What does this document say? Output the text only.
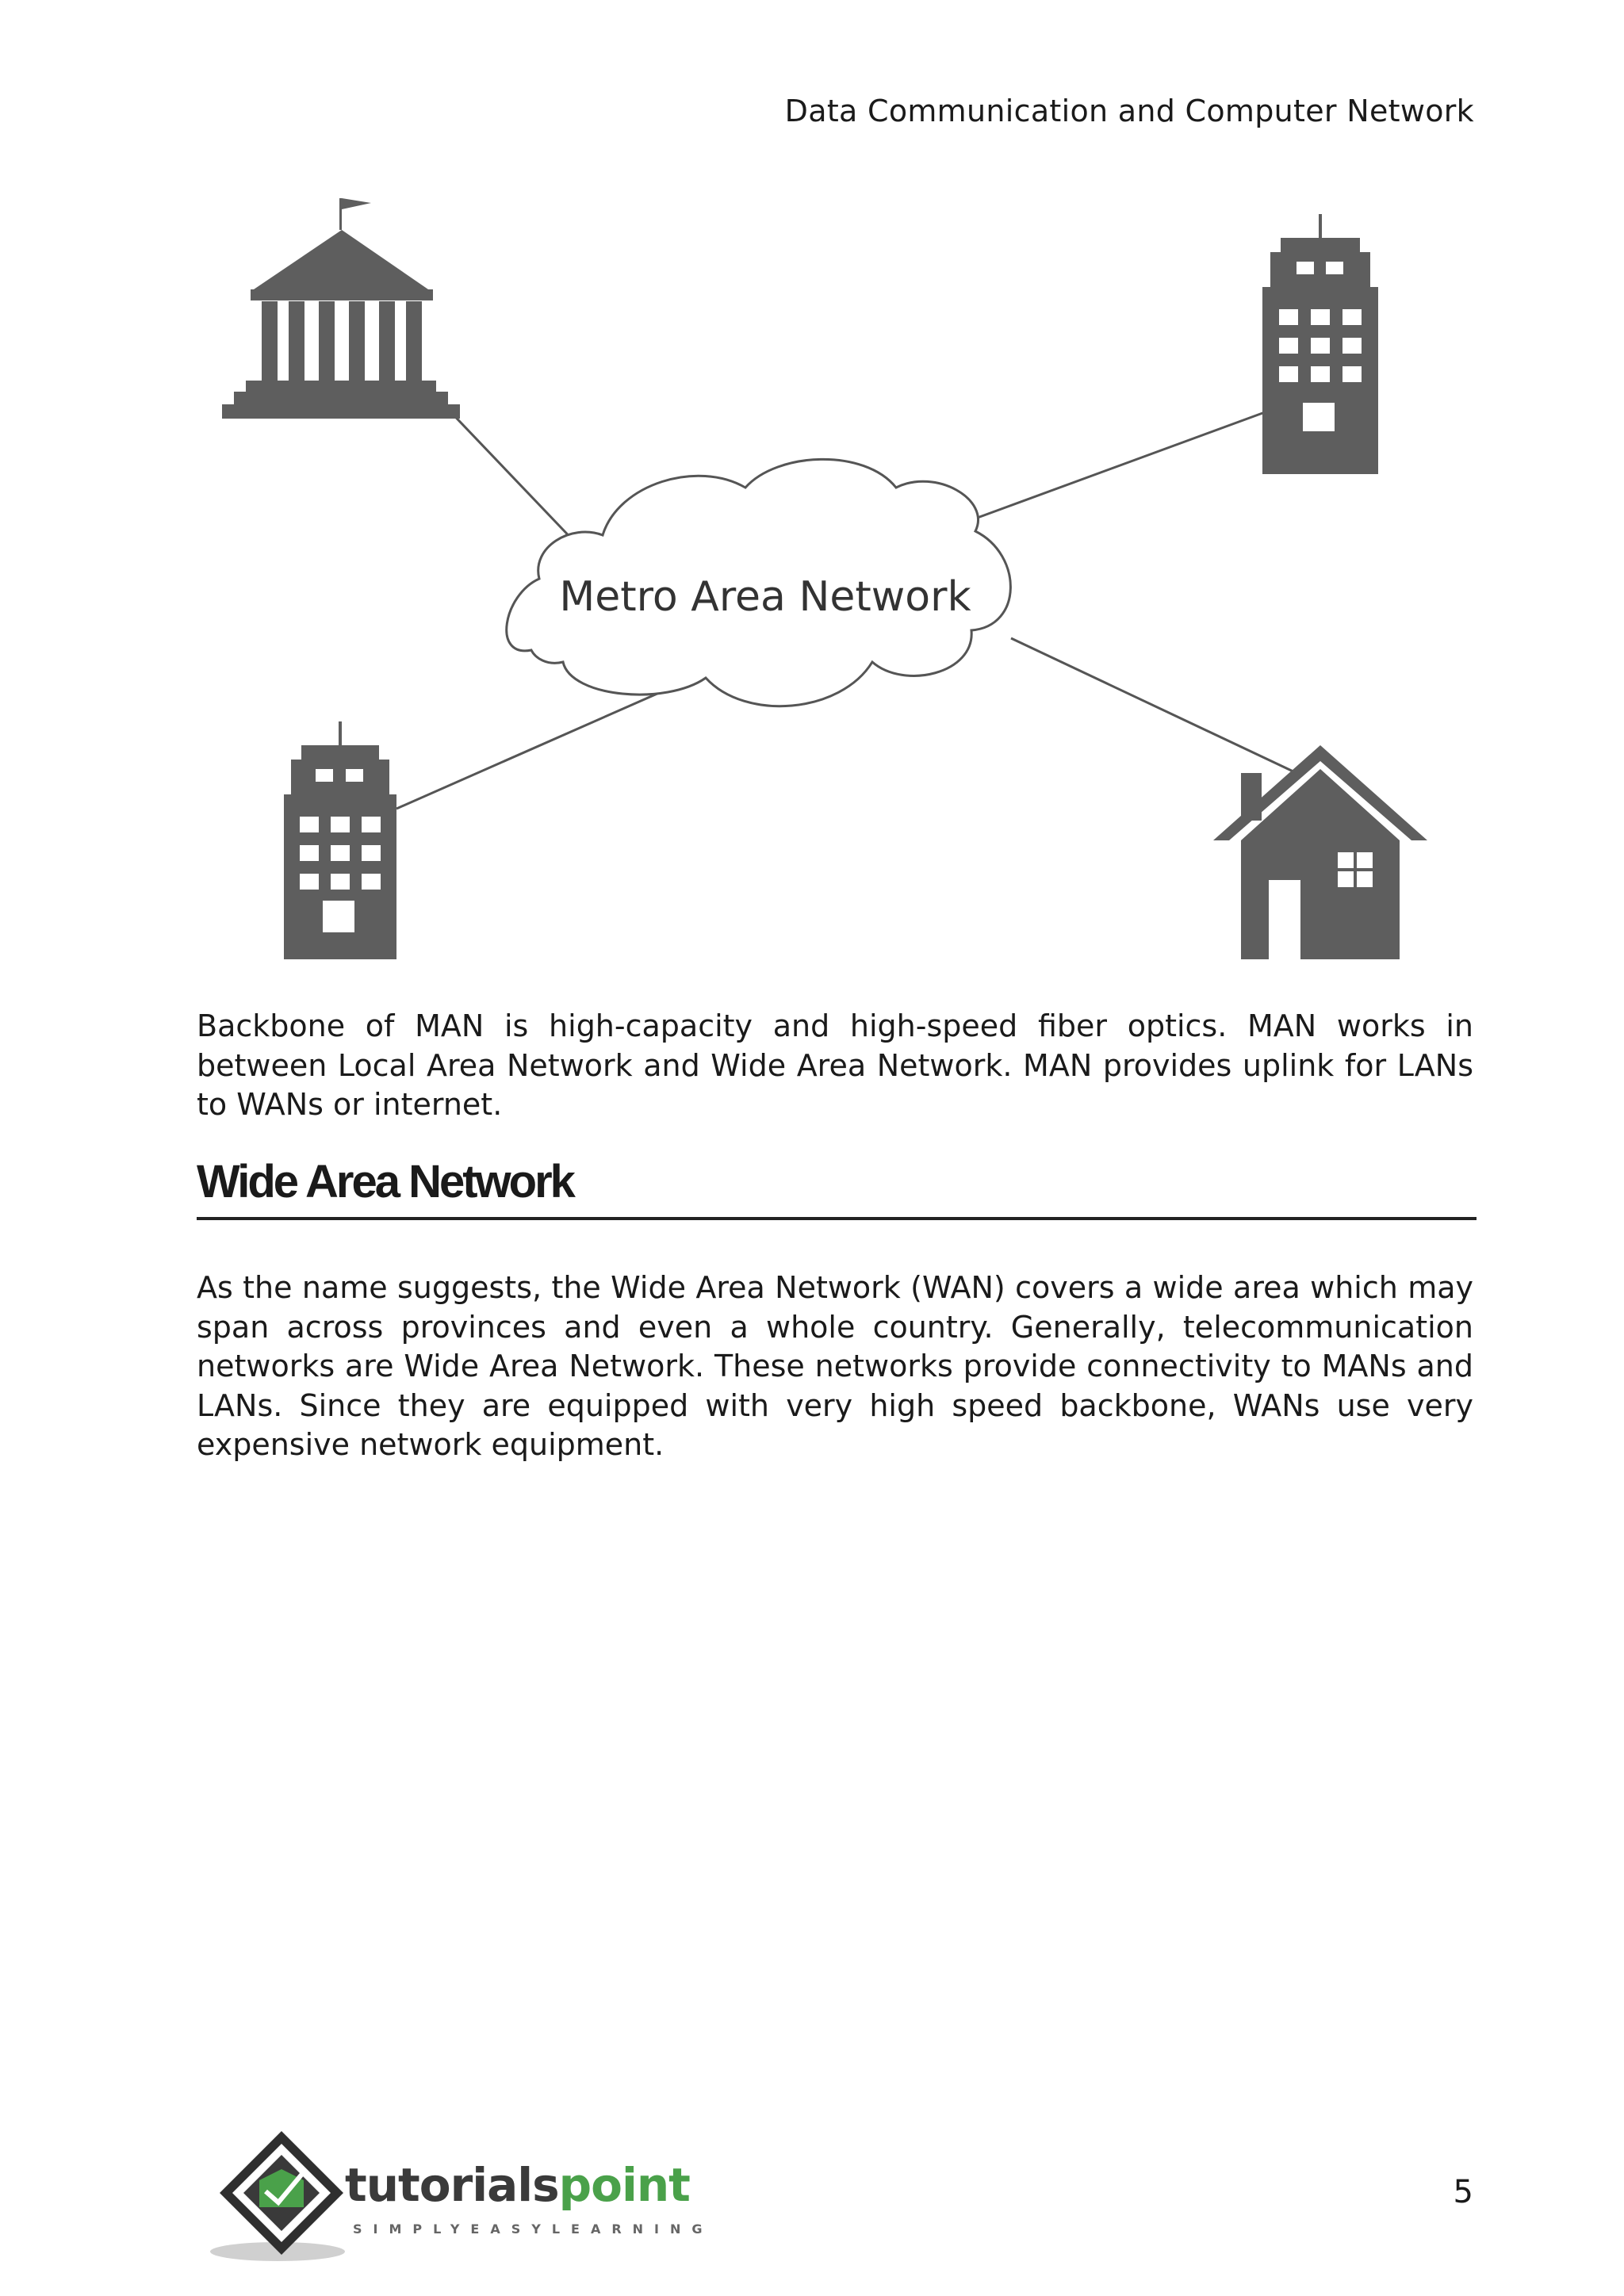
Data Communication and Computer Network
Metro Area Network

Backbone of MAN is high-capacity and high-speed fiber optics. MAN works in between Local Area Network and Wide Area Network. MAN provides uplink for LANs to WANs or internet.

Wide Area Network

As the name suggests, the Wide Area Network (WAN) covers a wide area which may span across provinces and even a whole country. Generally, telecommunication networks are Wide Area Network. These networks provide connectivity to MANs and LANs. Since they are equipped with very high speed backbone, WANs use very expensive network equipment.

tutorialspoint
SIMPLYEASYLEARNING
5
